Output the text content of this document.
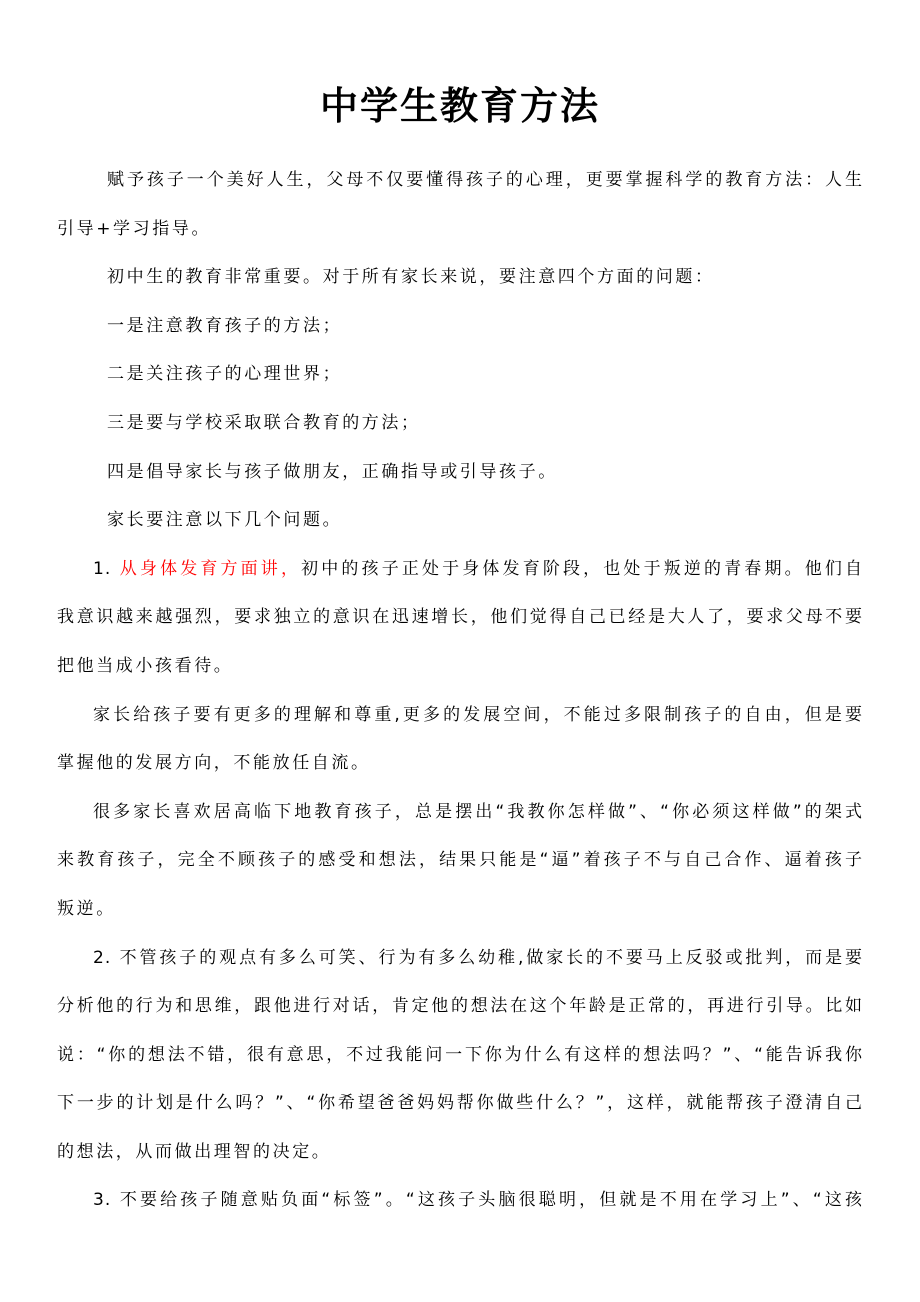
中学生教育方法
赋予孩子一个美好人生，父母不仅要懂得孩子的心理，更要掌握科学的教育方法：人生
引导+学习指导。
初中生的教育非常重要。对于所有家长来说，要注意四个方面的问题：
一是注意教育孩子的方法；
二是关注孩子的心理世界；
三是要与学校采取联合教育的方法；
四是倡导家长与孩子做朋友，正确指导或引导孩子。
家长要注意以下几个问题。
1. 从身体发育方面讲，初中的孩子正处于身体发育阶段，也处于叛逆的青春期。他们自
我意识越来越强烈，要求独立的意识在迅速增长，他们觉得自己已经是大人了，要求父母不要
把他当成小孩看待。
家长给孩子要有更多的理解和尊重,更多的发展空间，不能过多限制孩子的自由，但是要
掌握他的发展方向，不能放任自流。
很多家长喜欢居高临下地教育孩子，总是摆出“我教你怎样做”、“你必须这样做”的架式
来教育孩子，完全不顾孩子的感受和想法，结果只能是“逼”着孩子不与自己合作、逼着孩子
叛逆。
2. 不管孩子的观点有多么可笑、行为有多么幼稚,做家长的不要马上反驳或批判，而是要
分析他的行为和思维，跟他进行对话，肯定他的想法在这个年龄是正常的，再进行引导。比如
说：“你的想法不错，很有意思，不过我能问一下你为什么有这样的想法吗？”、“能告诉我你
下一步的计划是什么吗？”、“你希望爸爸妈妈帮你做些什么？”，这样，就能帮孩子澄清自己
的想法，从而做出理智的决定。
3. 不要给孩子随意贴负面“标签”。“这孩子头脑很聪明，但就是不用在学习上”、“这孩
